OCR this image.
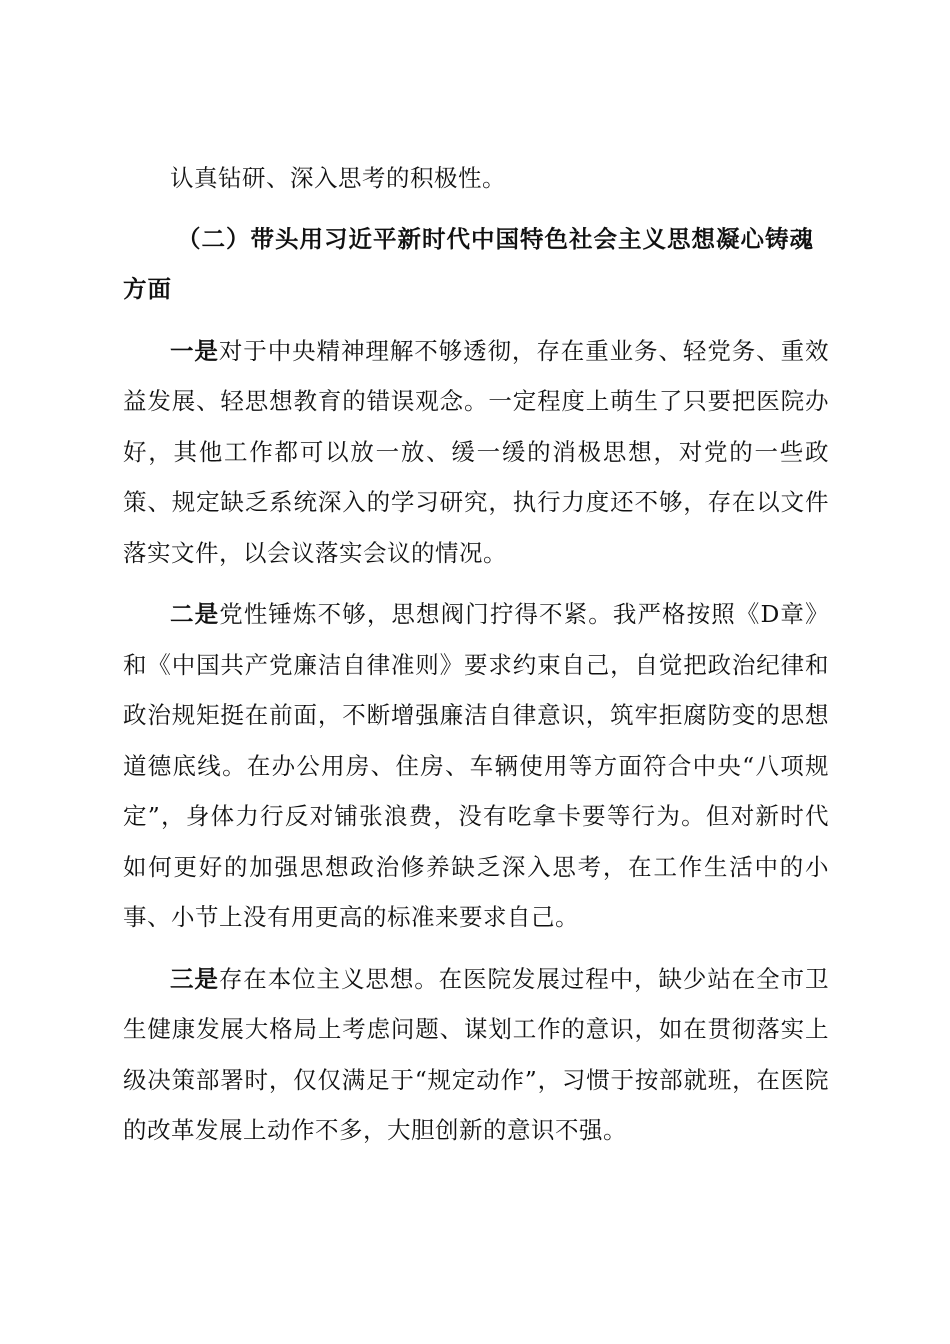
认真钻研、深入思考的积极性。

（二）带头用习近平新时代中国特色社会主义思想凝心铸魂方面

一是对于中央精神理解不够透彻，存在重业务、轻党务、重效益发展、轻思想教育的错误观念。一定程度上萌生了只要把医院办好，其他工作都可以放一放、缓一缓的消极思想，对党的一些政策、规定缺乏系统深入的学习研究，执行力度还不够，存在以文件落实文件，以会议落实会议的情况。

二是党性锤炼不够，思想阀门拧得不紧。我严格按照《D章》和《中国共产党廉洁自律准则》要求约束自己，自觉把政治纪律和政治规矩挺在前面，不断增强廉洁自律意识，筑牢拒腐防变的思想道德底线。在办公用房、住房、车辆使用等方面符合中央“八项规定”，身体力行反对铺张浪费，没有吃拿卡要等行为。但对新时代如何更好的加强思想政治修养缺乏深入思考，在工作生活中的小事、小节上没有用更高的标准来要求自己。

三是存在本位主义思想。在医院发展过程中，缺少站在全市卫生健康发展大格局上考虑问题、谋划工作的意识，如在贯彻落实上级决策部署时，仅仅满足于“规定动作”，习惯于按部就班，在医院的改革发展上动作不多，大胆创新的意识不强。
